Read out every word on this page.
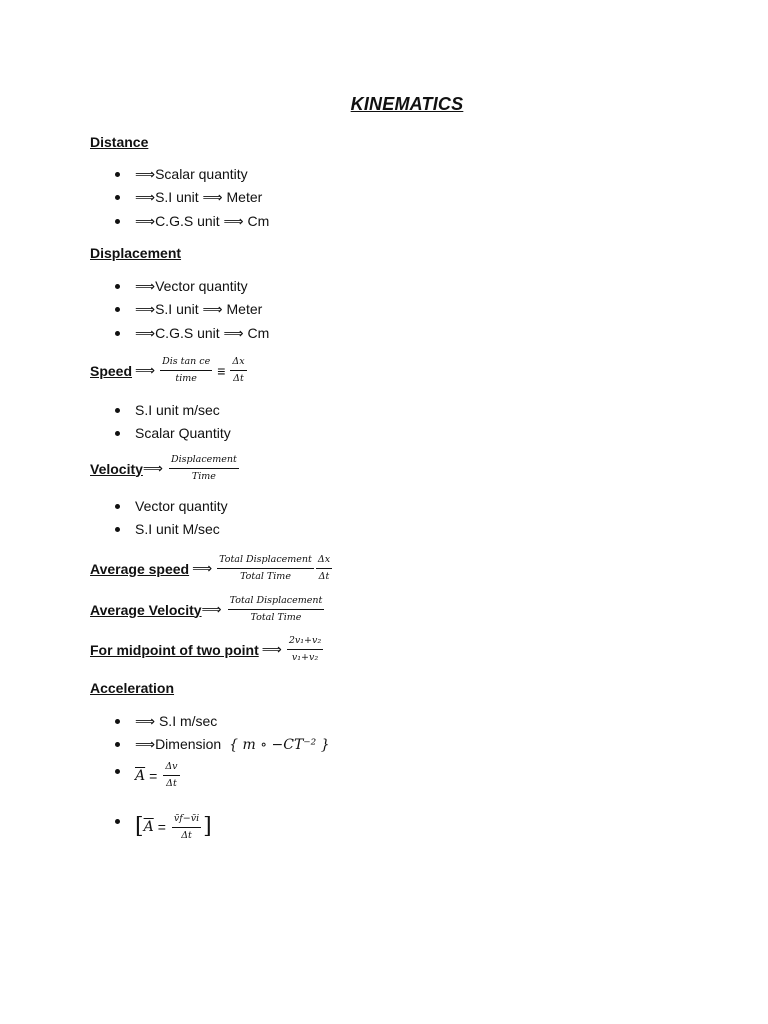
KINEMATICS
Distance
⟹Scalar quantity
⟹S.I unit ⟹ Meter
⟹C.G.S unit ⟹ Cm
Displacement
⟹Vector quantity
⟹S.I unit ⟹ Meter
⟹C.G.S unit ⟹ Cm
Speed ⟹ $\frac{\text{Dis tan ce}}{\text{time}} \equiv \frac{\Delta x}{\Delta t}$
S.I unit m/sec
Scalar Quantity
Velocity ⟹ $\frac{\text{Displacement}}{\text{Time}}$
Vector quantity
S.I unit M/sec
Average speed ⟹ $\frac{\text{Total Displacement}}{\text{Total Time}} \frac{\Delta x}{\Delta t}$
Average Velocity ⟹ $\frac{\text{Total Displacement}}{\text{Total Time}}$
For midpoint of two point ⟹ $\frac{\text{2v₁+v₂}}{\text{v₁+v₂}}$
Acceleration
⟹ S.I m/sec
⟹Dimension { m ∘ −CT⁻² }
$\overline{A} = \frac{\Delta v}{\Delta t}$
[ $\overline{A} = \frac{v̄f-v̄i}{\Delta t}$ ]
